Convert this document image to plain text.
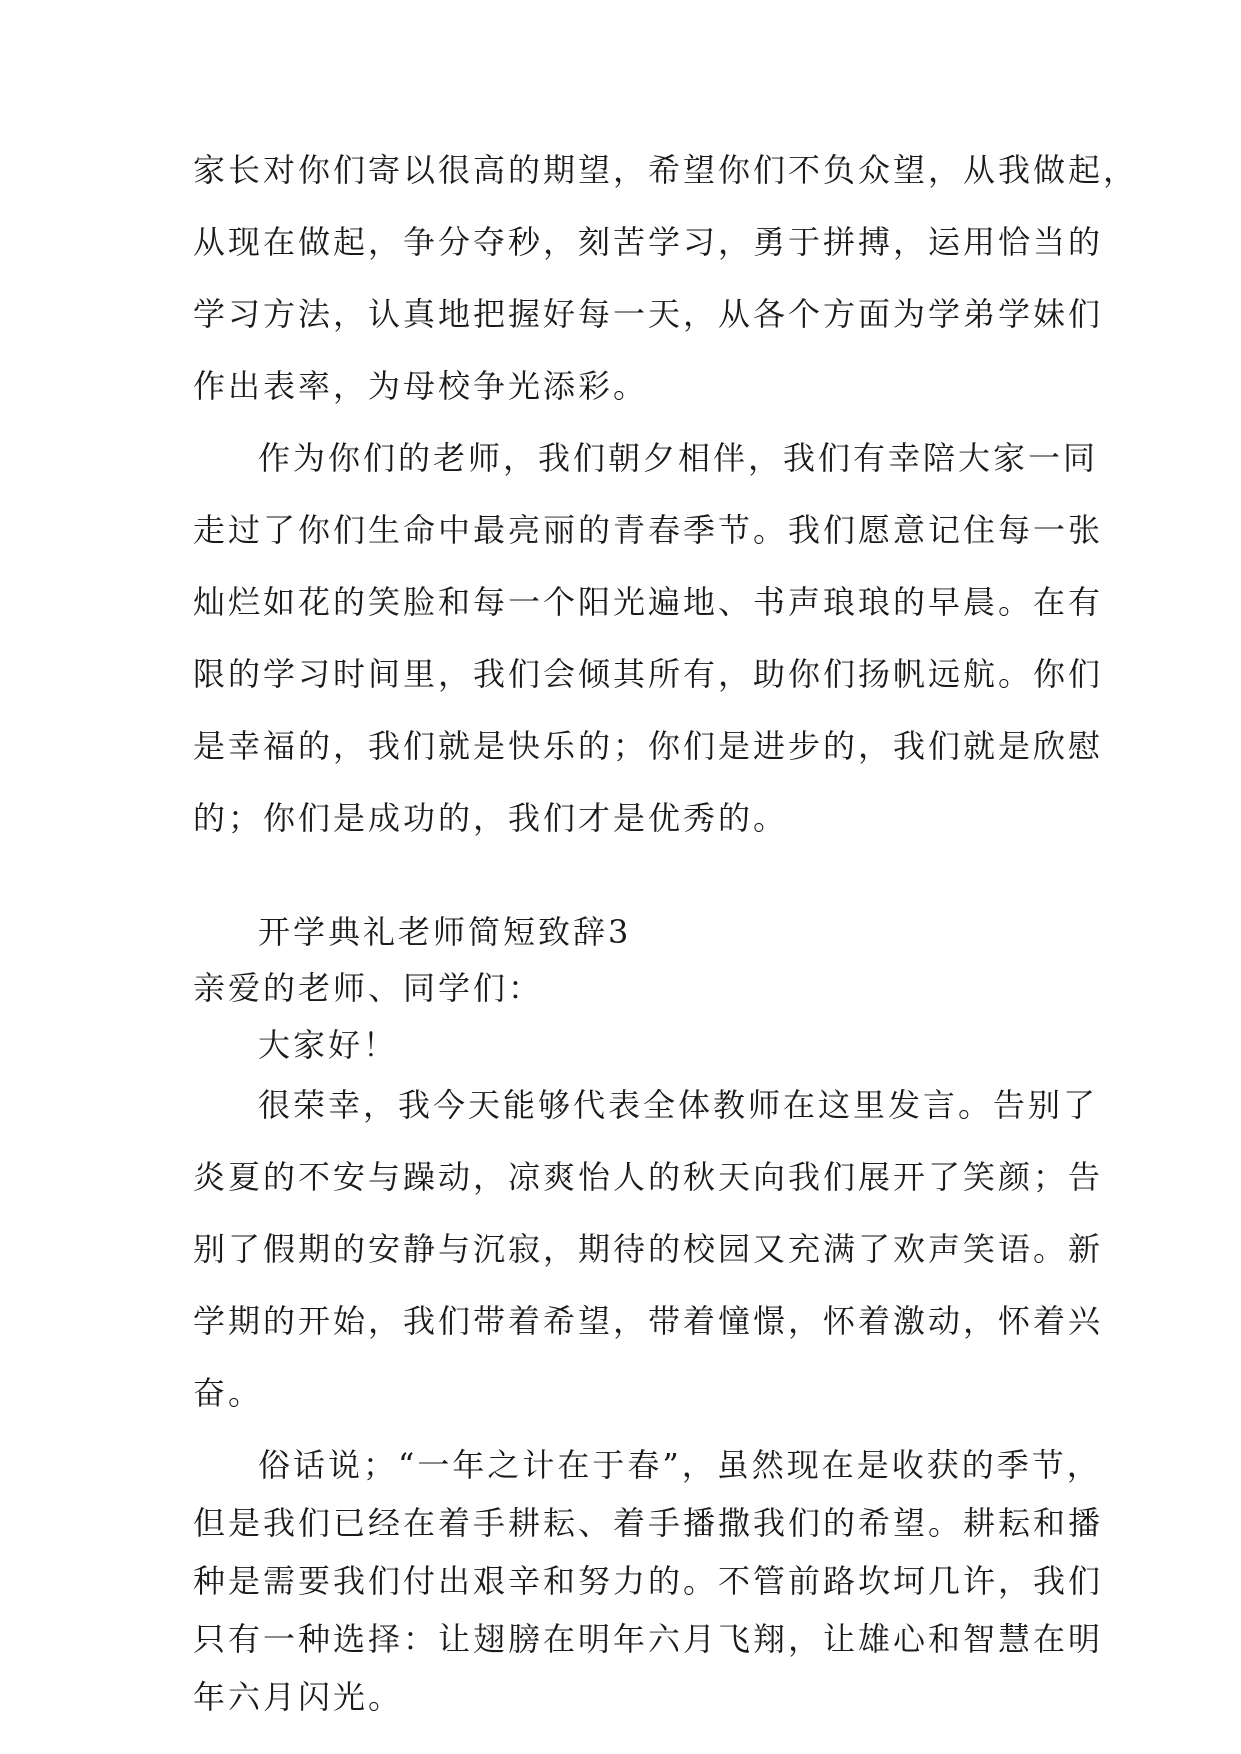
家长对你们寄以很高的期望，希望你们不负众望，从我做起，
从现在做起，争分夺秒，刻苦学习，勇于拼搏，运用恰当的
学习方法，认真地把握好每一天，从各个方面为学弟学妹们
作出表率，为母校争光添彩。
作为你们的老师，我们朝夕相伴，我们有幸陪大家一同
走过了你们生命中最亮丽的青春季节。我们愿意记住每一张
灿烂如花的笑脸和每一个阳光遍地、书声琅琅的早晨。在有
限的学习时间里，我们会倾其所有，助你们扬帆远航。你们
是幸福的，我们就是快乐的；你们是进步的，我们就是欣慰
的；你们是成功的，我们才是优秀的。
开学典礼老师简短致辞3
亲爱的老师、同学们：
大家好！
很荣幸，我今天能够代表全体教师在这里发言。告别了
炎夏的不安与躁动，凉爽怡人的秋天向我们展开了笑颜；告
别了假期的安静与沉寂，期待的校园又充满了欢声笑语。新
学期的开始，我们带着希望，带着憧憬，怀着激动，怀着兴
奋。
俗话说；“一年之计在于春”，虽然现在是收获的季节，
但是我们已经在着手耕耘、着手播撒我们的希望。耕耘和播
种是需要我们付出艰辛和努力的。不管前路坎坷几许，我们
只有一种选择：让翅膀在明年六月飞翔，让雄心和智慧在明
年六月闪光。
